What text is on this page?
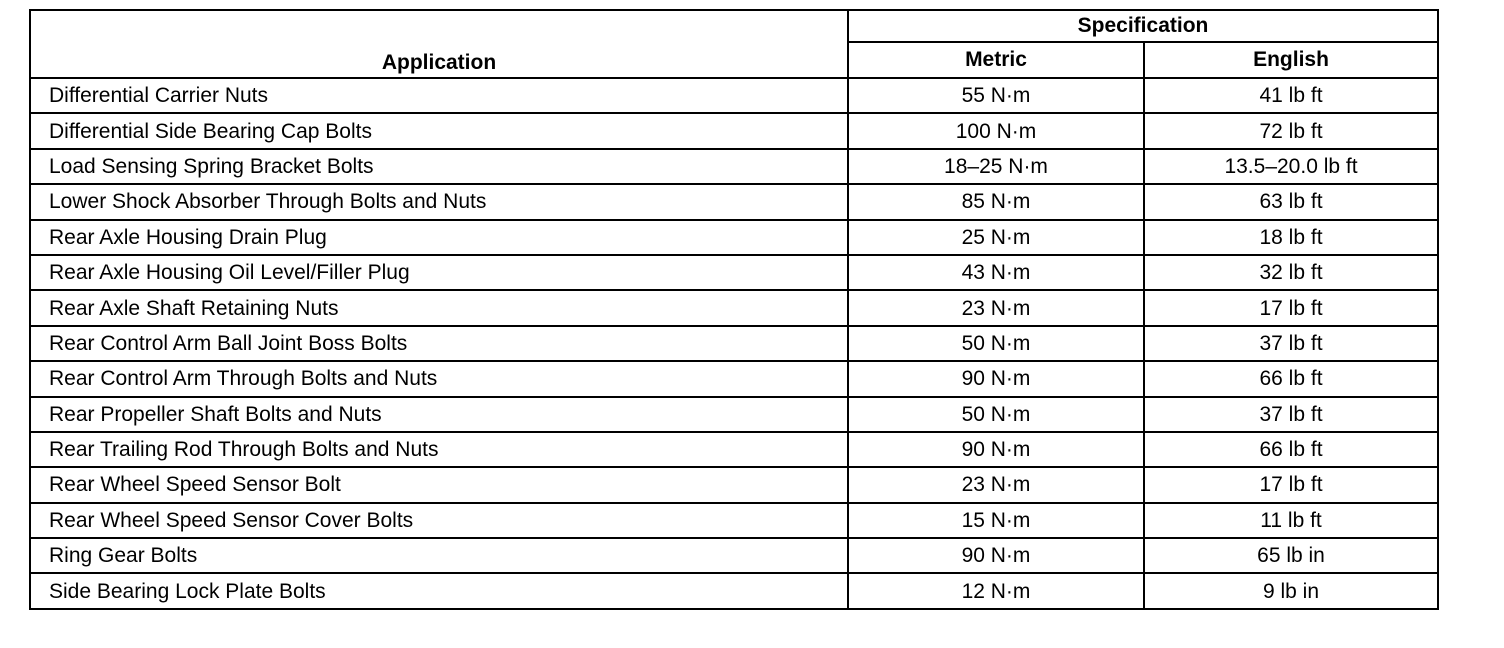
Application	Specification	
	Metric	English
Differential Carrier Nuts	55 N·m	41 lb ft
Differential Side Bearing Cap Bolts	100 N·m	72 lb ft
Load Sensing Spring Bracket Bolts	18–25 N·m	13.5–20.0 lb ft
Lower Shock Absorber Through Bolts and Nuts	85 N·m	63 lb ft
Rear Axle Housing Drain Plug	25 N·m	18 lb ft
Rear Axle Housing Oil Level/Filler Plug	43 N·m	32 lb ft
Rear Axle Shaft Retaining Nuts	23 N·m	17 lb ft
Rear Control Arm Ball Joint Boss Bolts	50 N·m	37 lb ft
Rear Control Arm Through Bolts and Nuts	90 N·m	66 lb ft
Rear Propeller Shaft Bolts and Nuts	50 N·m	37 lb ft
Rear Trailing Rod Through Bolts and Nuts	90 N·m	66 lb ft
Rear Wheel Speed Sensor Bolt	23 N·m	17 lb ft
Rear Wheel Speed Sensor Cover Bolts	15 N·m	11 lb ft
Ring Gear Bolts	90 N·m	65 lb in
Side Bearing Lock Plate Bolts	12 N·m	9 lb in
